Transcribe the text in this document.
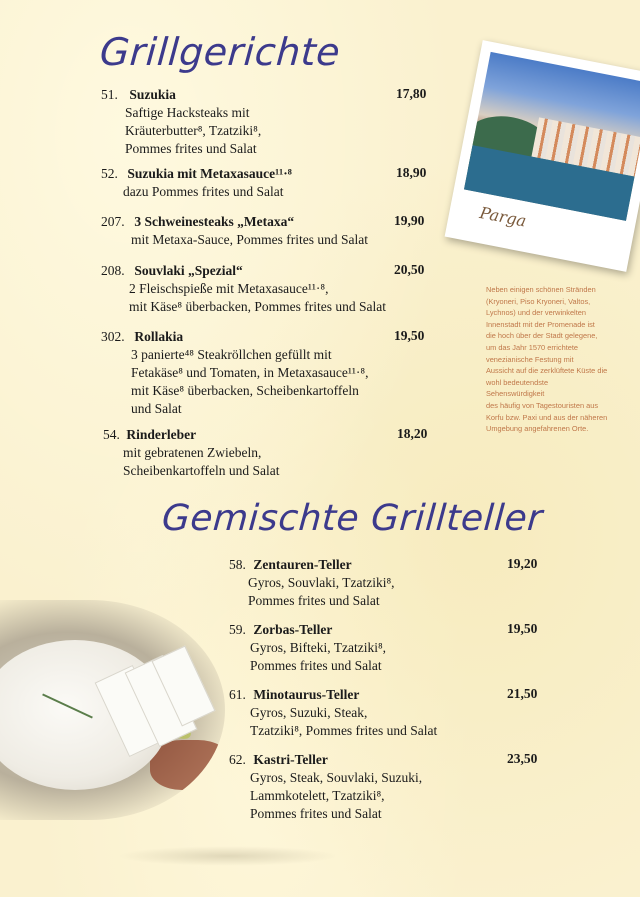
Grillgerichte
51. Suzukia
Saftige Hacksteaks mit
Kräuterbutter⁸, Tzatziki⁸,
Pommes frites und Salat
17,80
52. Suzukia mit Metaxasauce¹¹·⁸
dazu Pommes frites und Salat
18,90
207. 3 Schweinesteaks „Metaxa“
mit Metaxa-Sauce, Pommes frites und Salat
19,90
208. Souvlaki „Spezial“
2 Fleischspieße mit Metaxasauce¹¹·⁸,
mit Käse⁸ überbacken, Pommes frites und Salat
20,50
302. Rollakia
3 panierte⁴⁸ Steakröllchen gefüllt mit
Fetakäse⁸ und Tomaten, in Metaxasauce¹¹·⁸,
mit Käse⁸ überbacken, Scheibenkartoffeln
und Salat
19,50
54. Rinderleber
mit gebratenen Zwiebeln,
Scheibenkartoffeln und Salat
18,20
Parga
Neben einigen schönen Stränden
(Kryoneri, Piso Kryoneri, Valtos,
Lychnos) und der verwinkelten
Innenstadt mit der Promenade ist
die hoch über der Stadt gelegene,
um das Jahr 1570 errichtete
venezianische Festung mit
Aussicht auf die zerklüftete Küste die
wohl bedeutendste
Sehenswürdigkeit
des häufig von Tagestouristen aus
Korfu bzw. Paxi und aus der näheren
Umgebung angefahrenen Orte.
Gemischte Grillteller
58. Zentauren-Teller
Gyros, Souvlaki, Tzatziki⁸,
Pommes frites und Salat
19,20
59. Zorbas-Teller
Gyros, Bifteki, Tzatziki⁸,
Pommes frites und Salat
19,50
61. Minotaurus-Teller
Gyros, Suzuki, Steak,
Tzatziki⁸, Pommes frites und Salat
21,50
62. Kastri-Teller
Gyros, Steak, Souvlaki, Suzuki,
Lammkotelett, Tzatziki⁸,
Pommes frites und Salat
23,50
